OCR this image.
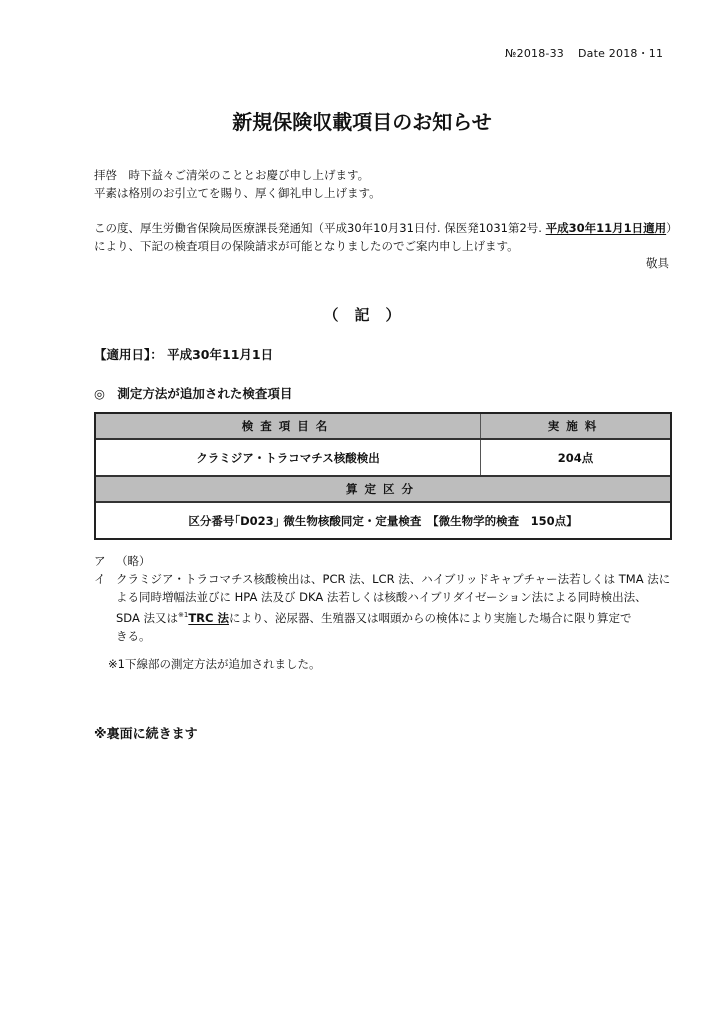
№2018-33 Date 2018・11
新規保険収載項目のお知らせ
拝啓　時下益々ご清栄のこととお慶び申し上げます。
平素は格別のお引立てを賜り、厚く御礼申し上げます。
この度、厚生労働省保険局医療課長発通知（平成30年10月31日付. 保医発1031第2号. 平成30年11月1日適用）により、下記の検査項目の保険請求が可能となりましたのでご案内申し上げます。
敬具
（ 記 ）
【適用日】： 平成30年11月1日
◎　測定方法が追加された検査項目
検査項目名	実施料
クラミジア・トラコマチス核酸検出	204点
算定区分
区分番号｢D023｣ 微生物核酸同定・定量検査　【微生物学的検査　150点】
ア （略）
イ クラミジア・トラコマチス核酸検出は、PCR 法、LCR 法、ハイブリッドキャプチャー法若しくは TMA 法に
よる同時増幅法並びに HPA 法及び DKA 法若しくは核酸ハイブリダイゼーション法による同時検出法、
SDA 法又は$^{※1}$TRC 法により、泌尿器、生殖器又は咽頭からの検体により実施した場合に限り算定で
きる。
※1下線部の測定方法が追加されました。
※裏面に続きます
